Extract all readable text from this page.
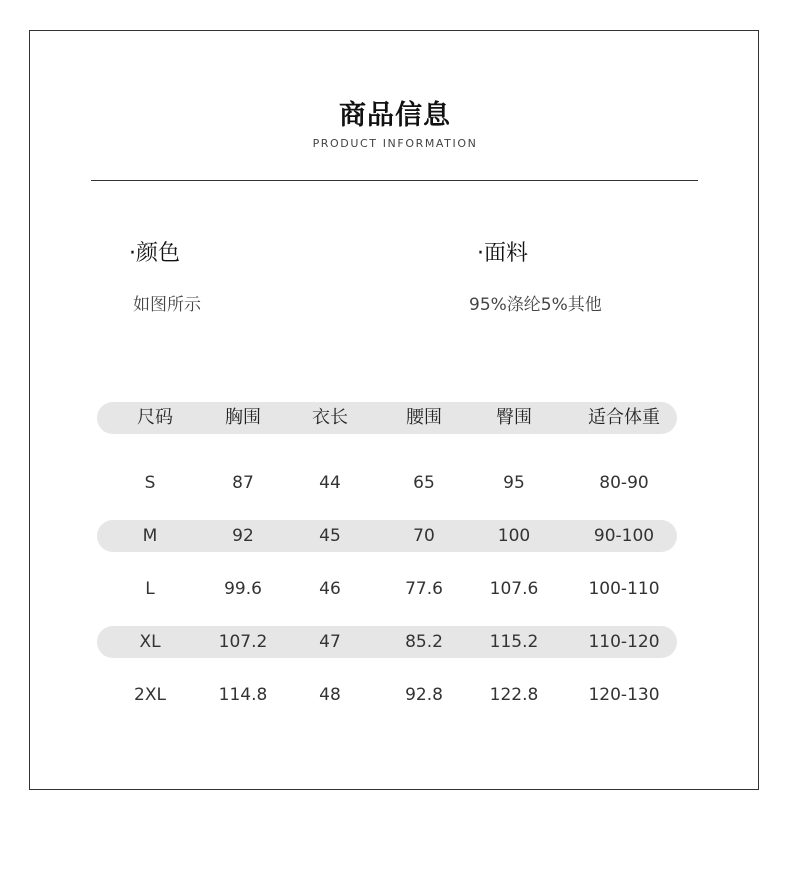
商品信息
PRODUCT INFORMATION
·颜色
如图所示
·面料
95%涤纶5%其他
尺码	胸围	衣长	腰围	臀围	适合体重
S	87	44	65	95	80-90
M	92	45	70	100	90-100
L	99.6	46	77.6	107.6	100-110
XL	107.2	47	85.2	115.2	110-120
2XL	114.8	48	92.8	122.8	120-130
